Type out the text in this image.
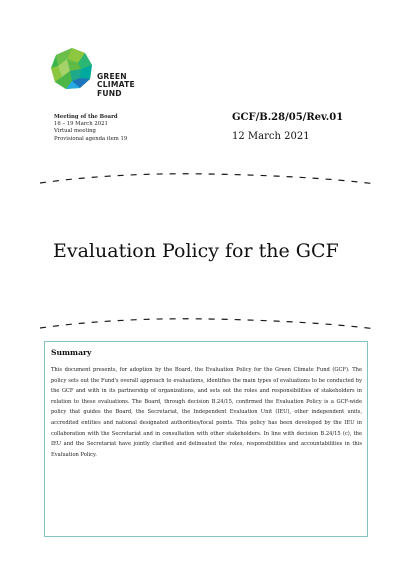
GREEN
CLIMATE
FUND
Meeting of the Board
16 – 19 March 2021
Virtual meeting
Provisional agenda item 19
GCF/B.28/05/Rev.01
12 March 2021
Evaluation Policy for the GCF
Summary
This document presents, for adoption by the Board, the Evaluation Policy for the Green Climate Fund (GCF). The policy sets out the Fund's overall approach to evaluations, identifies the main types of evaluations to be conducted by the GCF and with in its partnership of organizations, and sets out the roles and responsibilities of stakeholders in relation to these evaluations. The Board, through decision B.24/15, confirmed the Evaluation Policy is a GCF-wide policy that guides the Board, the Secretariat, the Independent Evaluation Unit (IEU), other independent units, accredited entities and national designated authorities/focal points. This policy has been developed by the IEU in collaboration with the Secretariat and in consultation with other stakeholders. In line with decision B.24/15 (c), the IEU and the Secretariat have jointly clarified and delineated the roles, responsibilities and accountabilities in this Evaluation Policy.
